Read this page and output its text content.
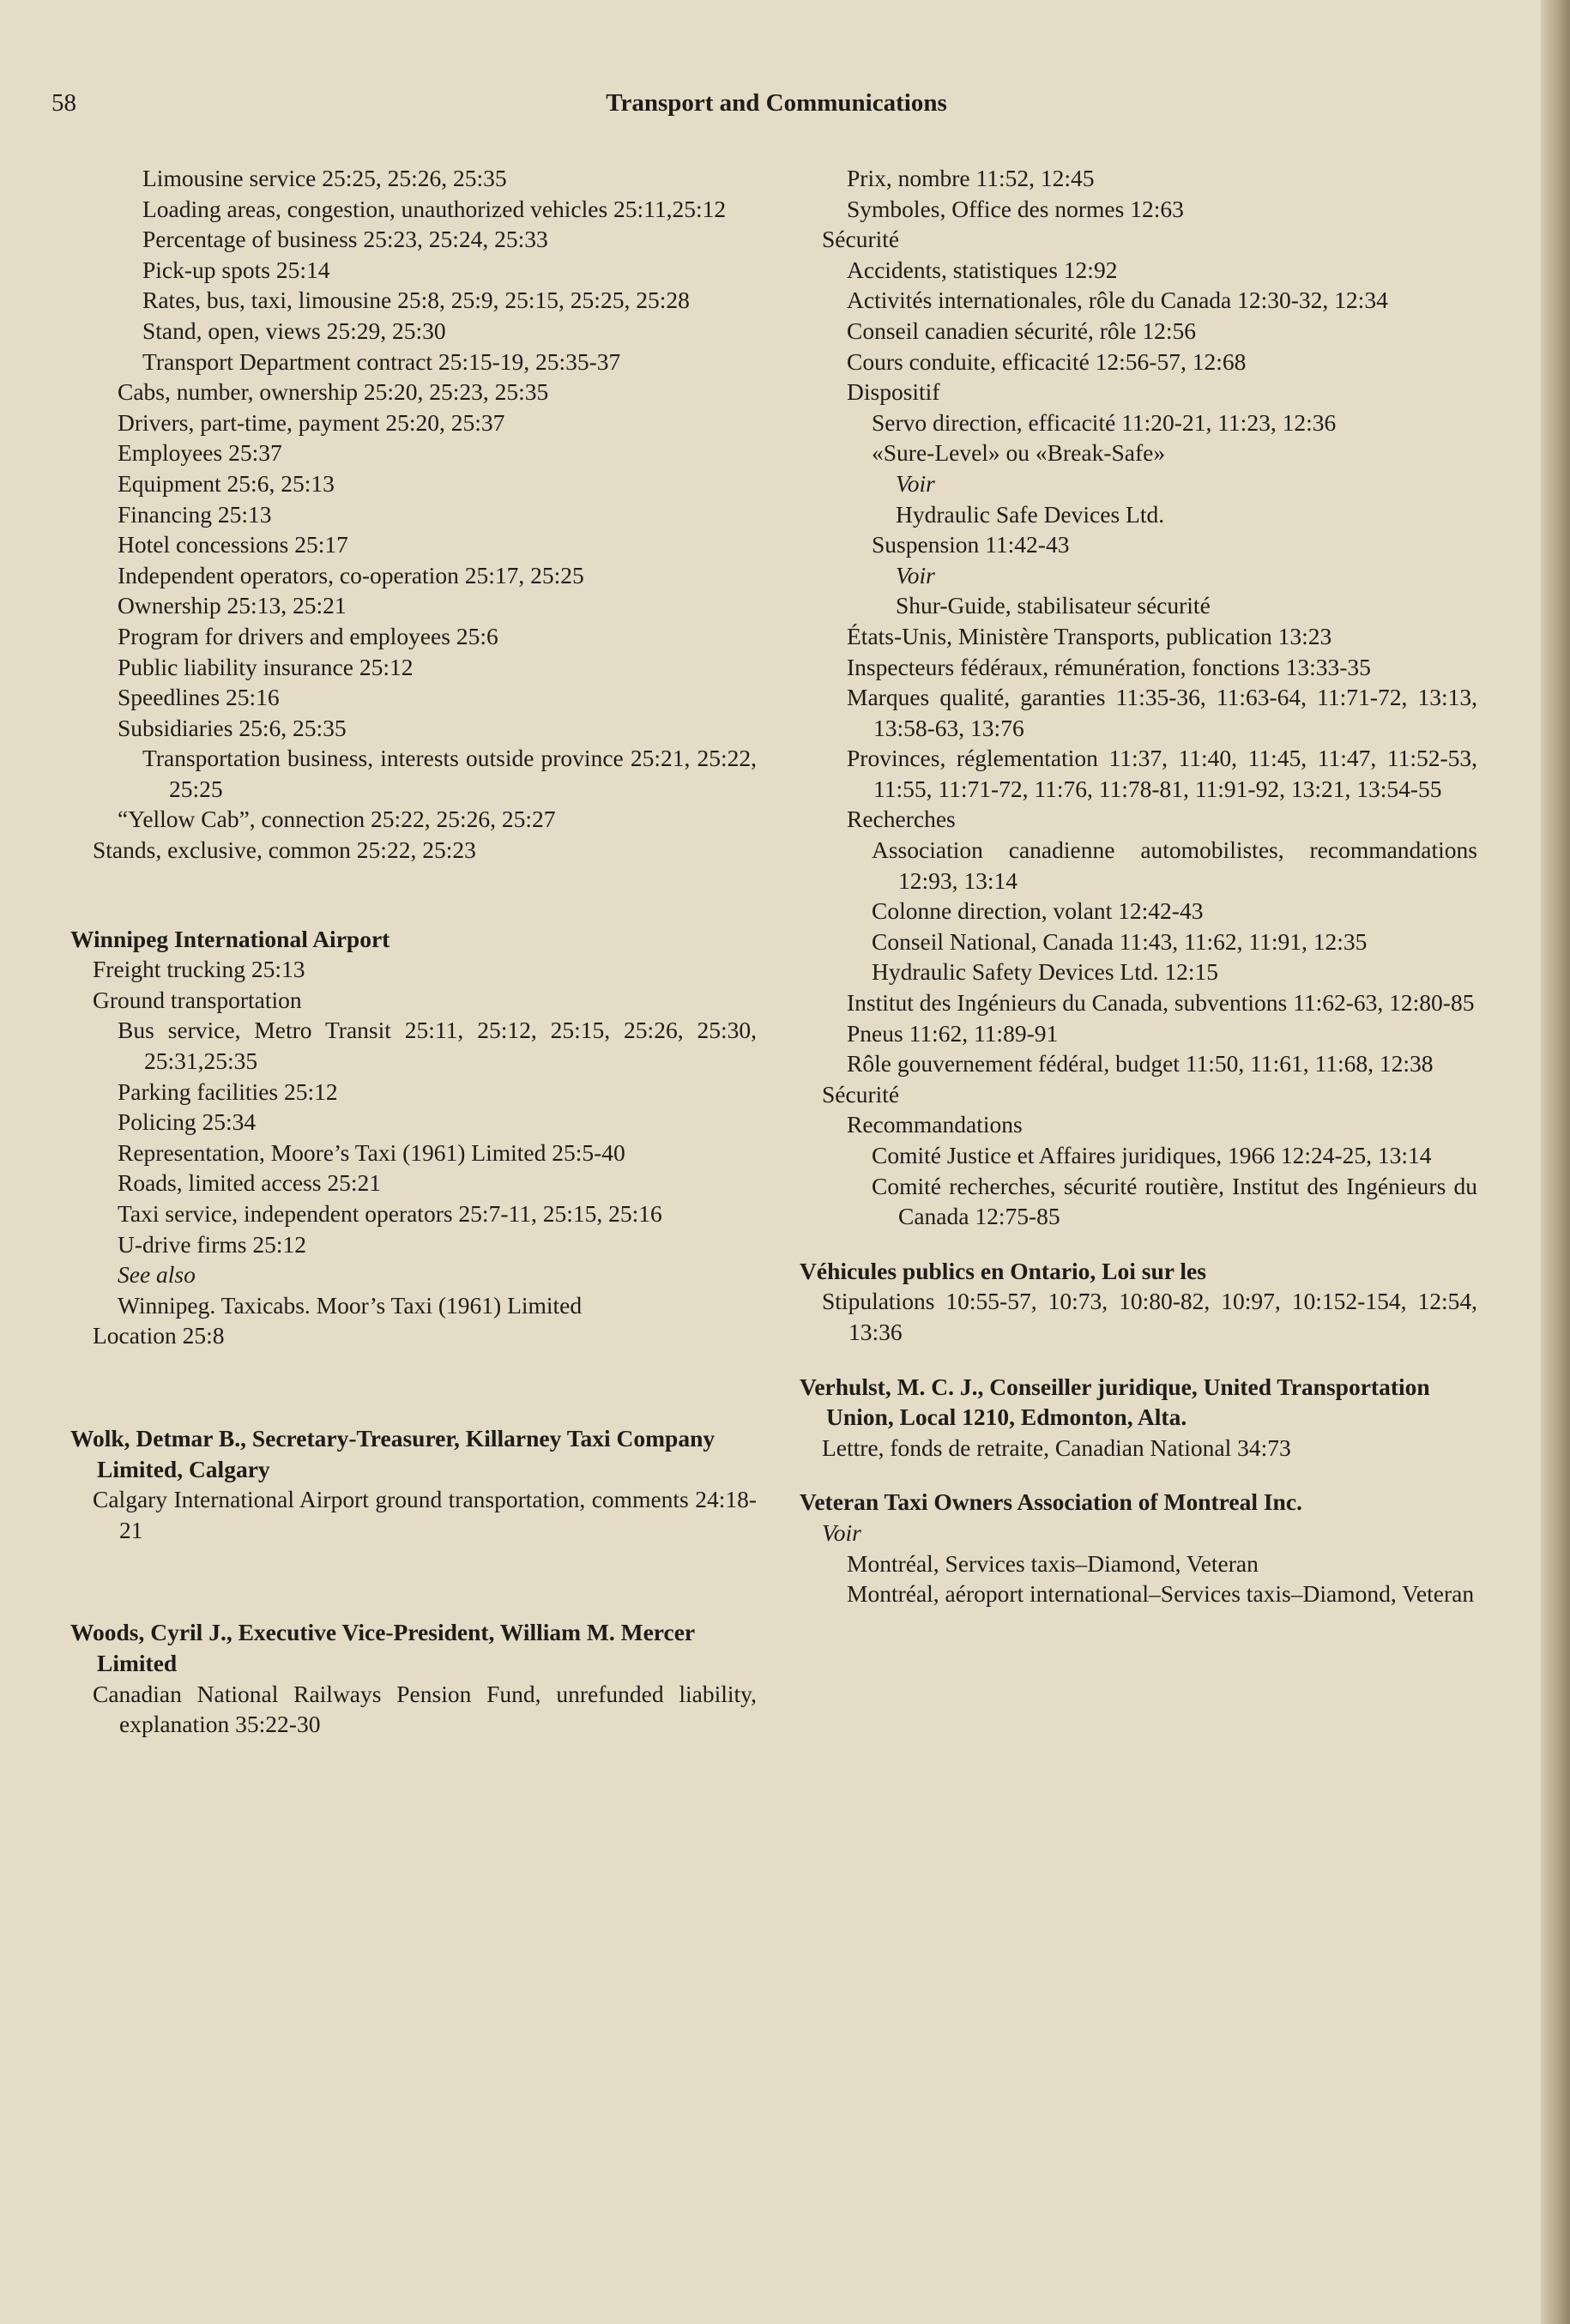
58	Transport and Communications

Limousine service 25:25, 25:26, 25:35

Loading areas, congestion, unauthorized vehicles 25:11,25:12

Percentage of business 25:23, 25:24, 25:33

Pick-up spots 25:14

Rates, bus, taxi, limousine 25:8, 25:9, 25:15, 25:25, 25:28

Stand, open, views 25:29, 25:30

Transport Department contract 25:15-19, 25:35-37

Cabs, number, ownership 25:20, 25:23, 25:35

Drivers, part-time, payment 25:20, 25:37

Employees 25:37

Equipment 25:6, 25:13

Financing 25:13

Hotel concessions 25:17

Independent operators, co-operation 25:17, 25:25

Ownership 25:13, 25:21

Program for drivers and employees 25:6

Public liability insurance 25:12

Speedlines 25:16

Subsidiaries 25:6, 25:35

Transportation business, interests outside province 25:21, 25:22, 25:25

“Yellow Cab”, connection 25:22, 25:26, 25:27

Stands, exclusive, common 25:22, 25:23

Winnipeg International Airport

Freight trucking 25:13

Ground transportation

Bus service, Metro Transit 25:11, 25:12, 25:15, 25:26, 25:30, 25:31,25:35

Parking facilities 25:12

Policing 25:34

Representation, Moore’s Taxi (1961) Limited 25:5-40

Roads, limited access 25:21

Taxi service, independent operators 25:7-11, 25:15, 25:16

U-drive firms 25:12

See also

Winnipeg. Taxicabs. Moor’s Taxi (1961) Limited

Location 25:8

Wolk, Detmar B., Secretary-Treasurer, Killarney Taxi Company Limited, Calgary

Calgary International Airport ground transportation, comments 24:18-21

Woods, Cyril J., Executive Vice-President, William M. Mercer Limited

Canadian National Railways Pension Fund, unrefunded liability, explanation 35:22-30

Prix, nombre 11:52, 12:45

Symboles, Office des normes 12:63

Sécurité

Accidents, statistiques 12:92

Activités internationales, rôle du Canada 12:30-32, 12:34

Conseil canadien sécurité, rôle 12:56

Cours conduite, efficacité 12:56-57, 12:68

Dispositif

Servo direction, efficacité 11:20-21, 11:23, 12:36

«Sure-Level» ou «Break-Safe»

Voir

Hydraulic Safe Devices Ltd.

Suspension 11:42-43

Voir

Shur-Guide, stabilisateur sécurité

États-Unis, Ministère Transports, publication 13:23

Inspecteurs fédéraux, rémunération, fonctions 13:33-35

Marques qualité, garanties 11:35-36, 11:63-64, 11:71-72, 13:13, 13:58-63, 13:76

Provinces, réglementation 11:37, 11:40, 11:45, 11:47, 11:52-53, 11:55, 11:71-72, 11:76, 11:78-81, 11:91-92, 13:21, 13:54-55

Recherches

Association canadienne automobilistes, recommandations 12:93, 13:14

Colonne direction, volant 12:42-43

Conseil National, Canada 11:43, 11:62, 11:91, 12:35

Hydraulic Safety Devices Ltd. 12:15

Institut des Ingénieurs du Canada, subventions 11:62-63, 12:80-85

Pneus 11:62, 11:89-91

Rôle gouvernement fédéral, budget 11:50, 11:61, 11:68, 12:38

Sécurité

Recommandations

Comité Justice et Affaires juridiques, 1966 12:24-25, 13:14

Comité recherches, sécurité routière, Institut des Ingénieurs du Canada 12:75-85

Véhicules publics en Ontario, Loi sur les

Stipulations 10:55-57, 10:73, 10:80-82, 10:97, 10:152-154, 12:54, 13:36

Verhulst, M. C. J., Conseiller juridique, United Transportation Union, Local 1210, Edmonton, Alta.

Lettre, fonds de retraite, Canadian National 34:73

Veteran Taxi Owners Association of Montreal Inc.

Voir

Montréal, Services taxis–Diamond, Veteran

Montréal, aéroport international–Services taxis–Diamond, Veteran
